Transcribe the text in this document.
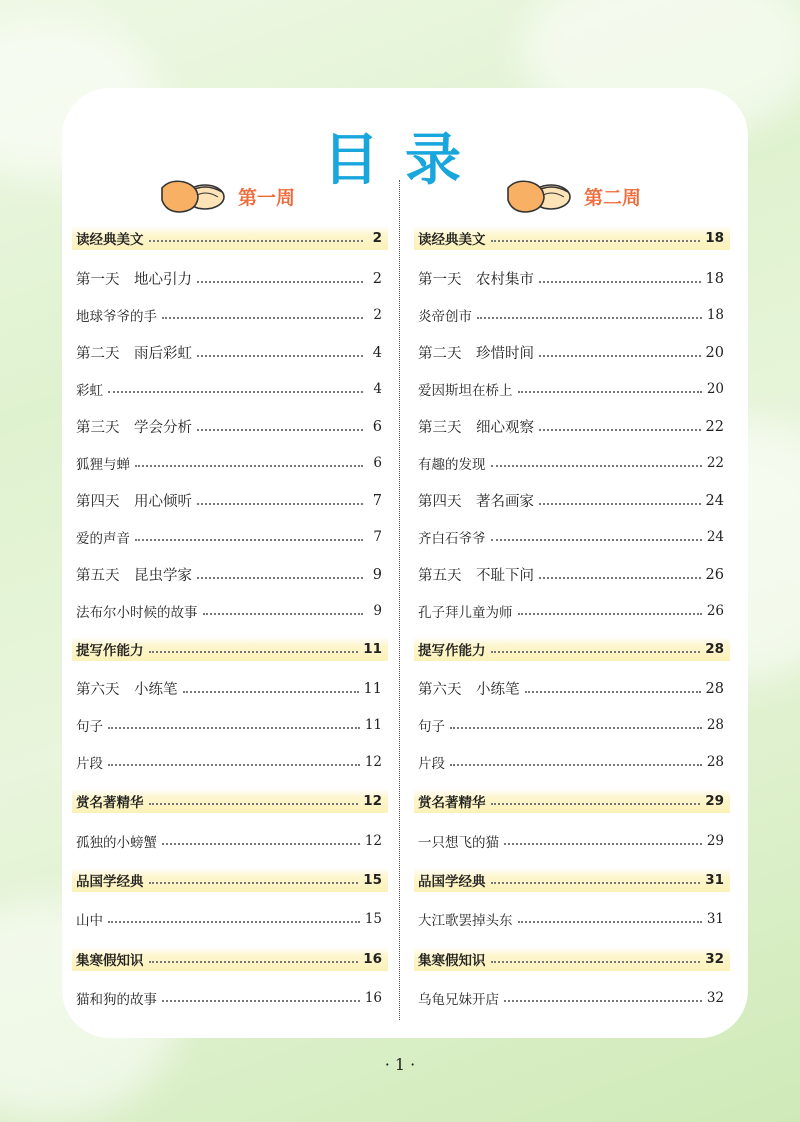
目录
第一周	第二周
读经典美文	2
第一天　地心引力	2
地球爷爷的手	2
第二天　雨后彩虹	4
彩虹	4
第三天　学会分析	6
狐狸与蝉	6
第四天　用心倾听	7
爱的声音	7
第五天　昆虫学家	9
法布尔小时候的故事	9
提写作能力	11
第六天　小练笔	11
句子	11
片段	12
赏名著精华	12
孤独的小螃蟹	12
品国学经典	15
山中	15
集寒假知识	16
猫和狗的故事	16
读经典美文	18
第一天　农村集市	18
炎帝创市	18
第二天　珍惜时间	20
爱因斯坦在桥上	20
第三天　细心观察	22
有趣的发现	22
第四天　著名画家	24
齐白石爷爷	24
第五天　不耻下问	26
孔子拜儿童为师	26
提写作能力	28
第六天　小练笔	28
句子	28
片段	28
赏名著精华	29
一只想飞的猫	29
品国学经典	31
大江歌罢掉头东	31
集寒假知识	32
乌龟兄妹开店	32
· 1 ·
